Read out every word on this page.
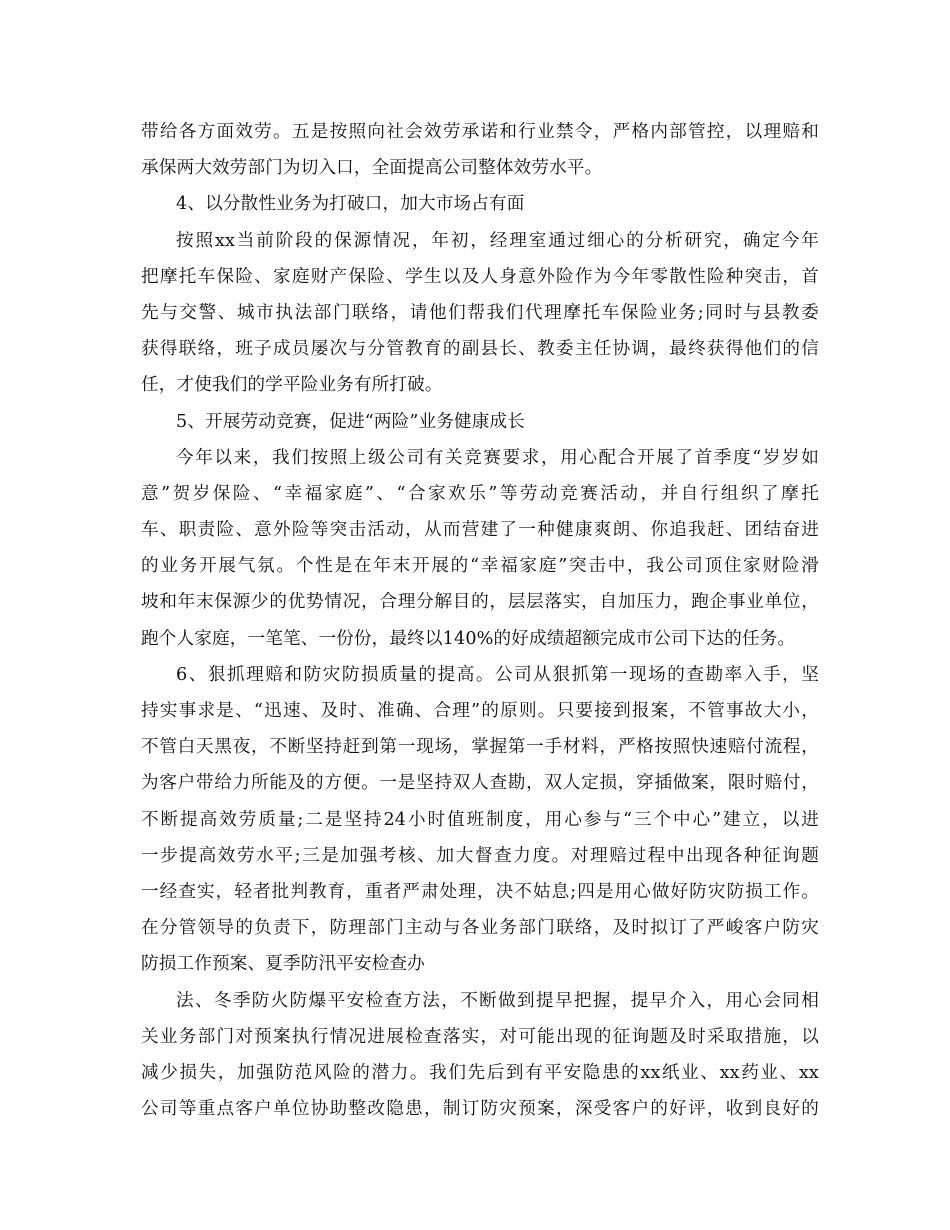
带给各方面效劳。五是按照向社会效劳承诺和行业禁令，严格内部管控，以理赔和
承保两大效劳部门为切入口，全面提高公司整体效劳水平。
4、以分散性业务为打破口，加大市场占有面
按照xx当前阶段的保源情况，年初，经理室通过细心的分析研究，确定今年
把摩托车保险、家庭财产保险、学生以及人身意外险作为今年零散性险种突击，首
先与交警、城市执法部门联络，请他们帮我们代理摩托车保险业务;同时与县教委
获得联络，班子成员屡次与分管教育的副县长、教委主任协调，最终获得他们的信
任，才使我们的学平险业务有所打破。
5、开展劳动竞赛，促进“两险”业务健康成长
今年以来，我们按照上级公司有关竞赛要求，用心配合开展了首季度“岁岁如
意”贺岁保险、“幸福家庭”、“合家欢乐”等劳动竞赛活动，并自行组织了摩托
车、职责险、意外险等突击活动，从而营建了一种健康爽朗、你追我赶、团结奋进
的业务开展气氛。个性是在年末开展的“幸福家庭”突击中，我公司顶住家财险滑
坡和年末保源少的优势情况，合理分解目的，层层落实，自加压力，跑企事业单位，
跑个人家庭，一笔笔、一份份，最终以140%的好成绩超额完成市公司下达的任务。
6、狠抓理赔和防灾防损质量的提高。公司从狠抓第一现场的查勘率入手，坚
持实事求是、“迅速、及时、准确、合理”的原则。只要接到报案，不管事故大小，
不管白天黑夜，不断坚持赶到第一现场，掌握第一手材料，严格按照快速赔付流程，
为客户带给力所能及的方便。一是坚持双人查勘，双人定损，穿插做案，限时赔付，
不断提高效劳质量;二是坚持24小时值班制度，用心参与“三个中心”建立，以进
一步提高效劳水平;三是加强考核、加大督查力度。对理赔过程中出现各种征询题
一经查实，轻者批判教育，重者严肃处理，决不姑息;四是用心做好防灾防损工作。
在分管领导的负责下，防理部门主动与各业务部门联络，及时拟订了严峻客户防灾
防损工作预案、夏季防汛平安检查办
法、冬季防火防爆平安检查方法，不断做到提早把握，提早介入，用心会同相
关业务部门对预案执行情况进展检查落实，对可能出现的征询题及时采取措施，以
减少损失，加强防范风险的潜力。我们先后到有平安隐患的xx纸业、xx药业、xx
公司等重点客户单位协助整改隐患，制订防灾预案，深受客户的好评，收到良好的
